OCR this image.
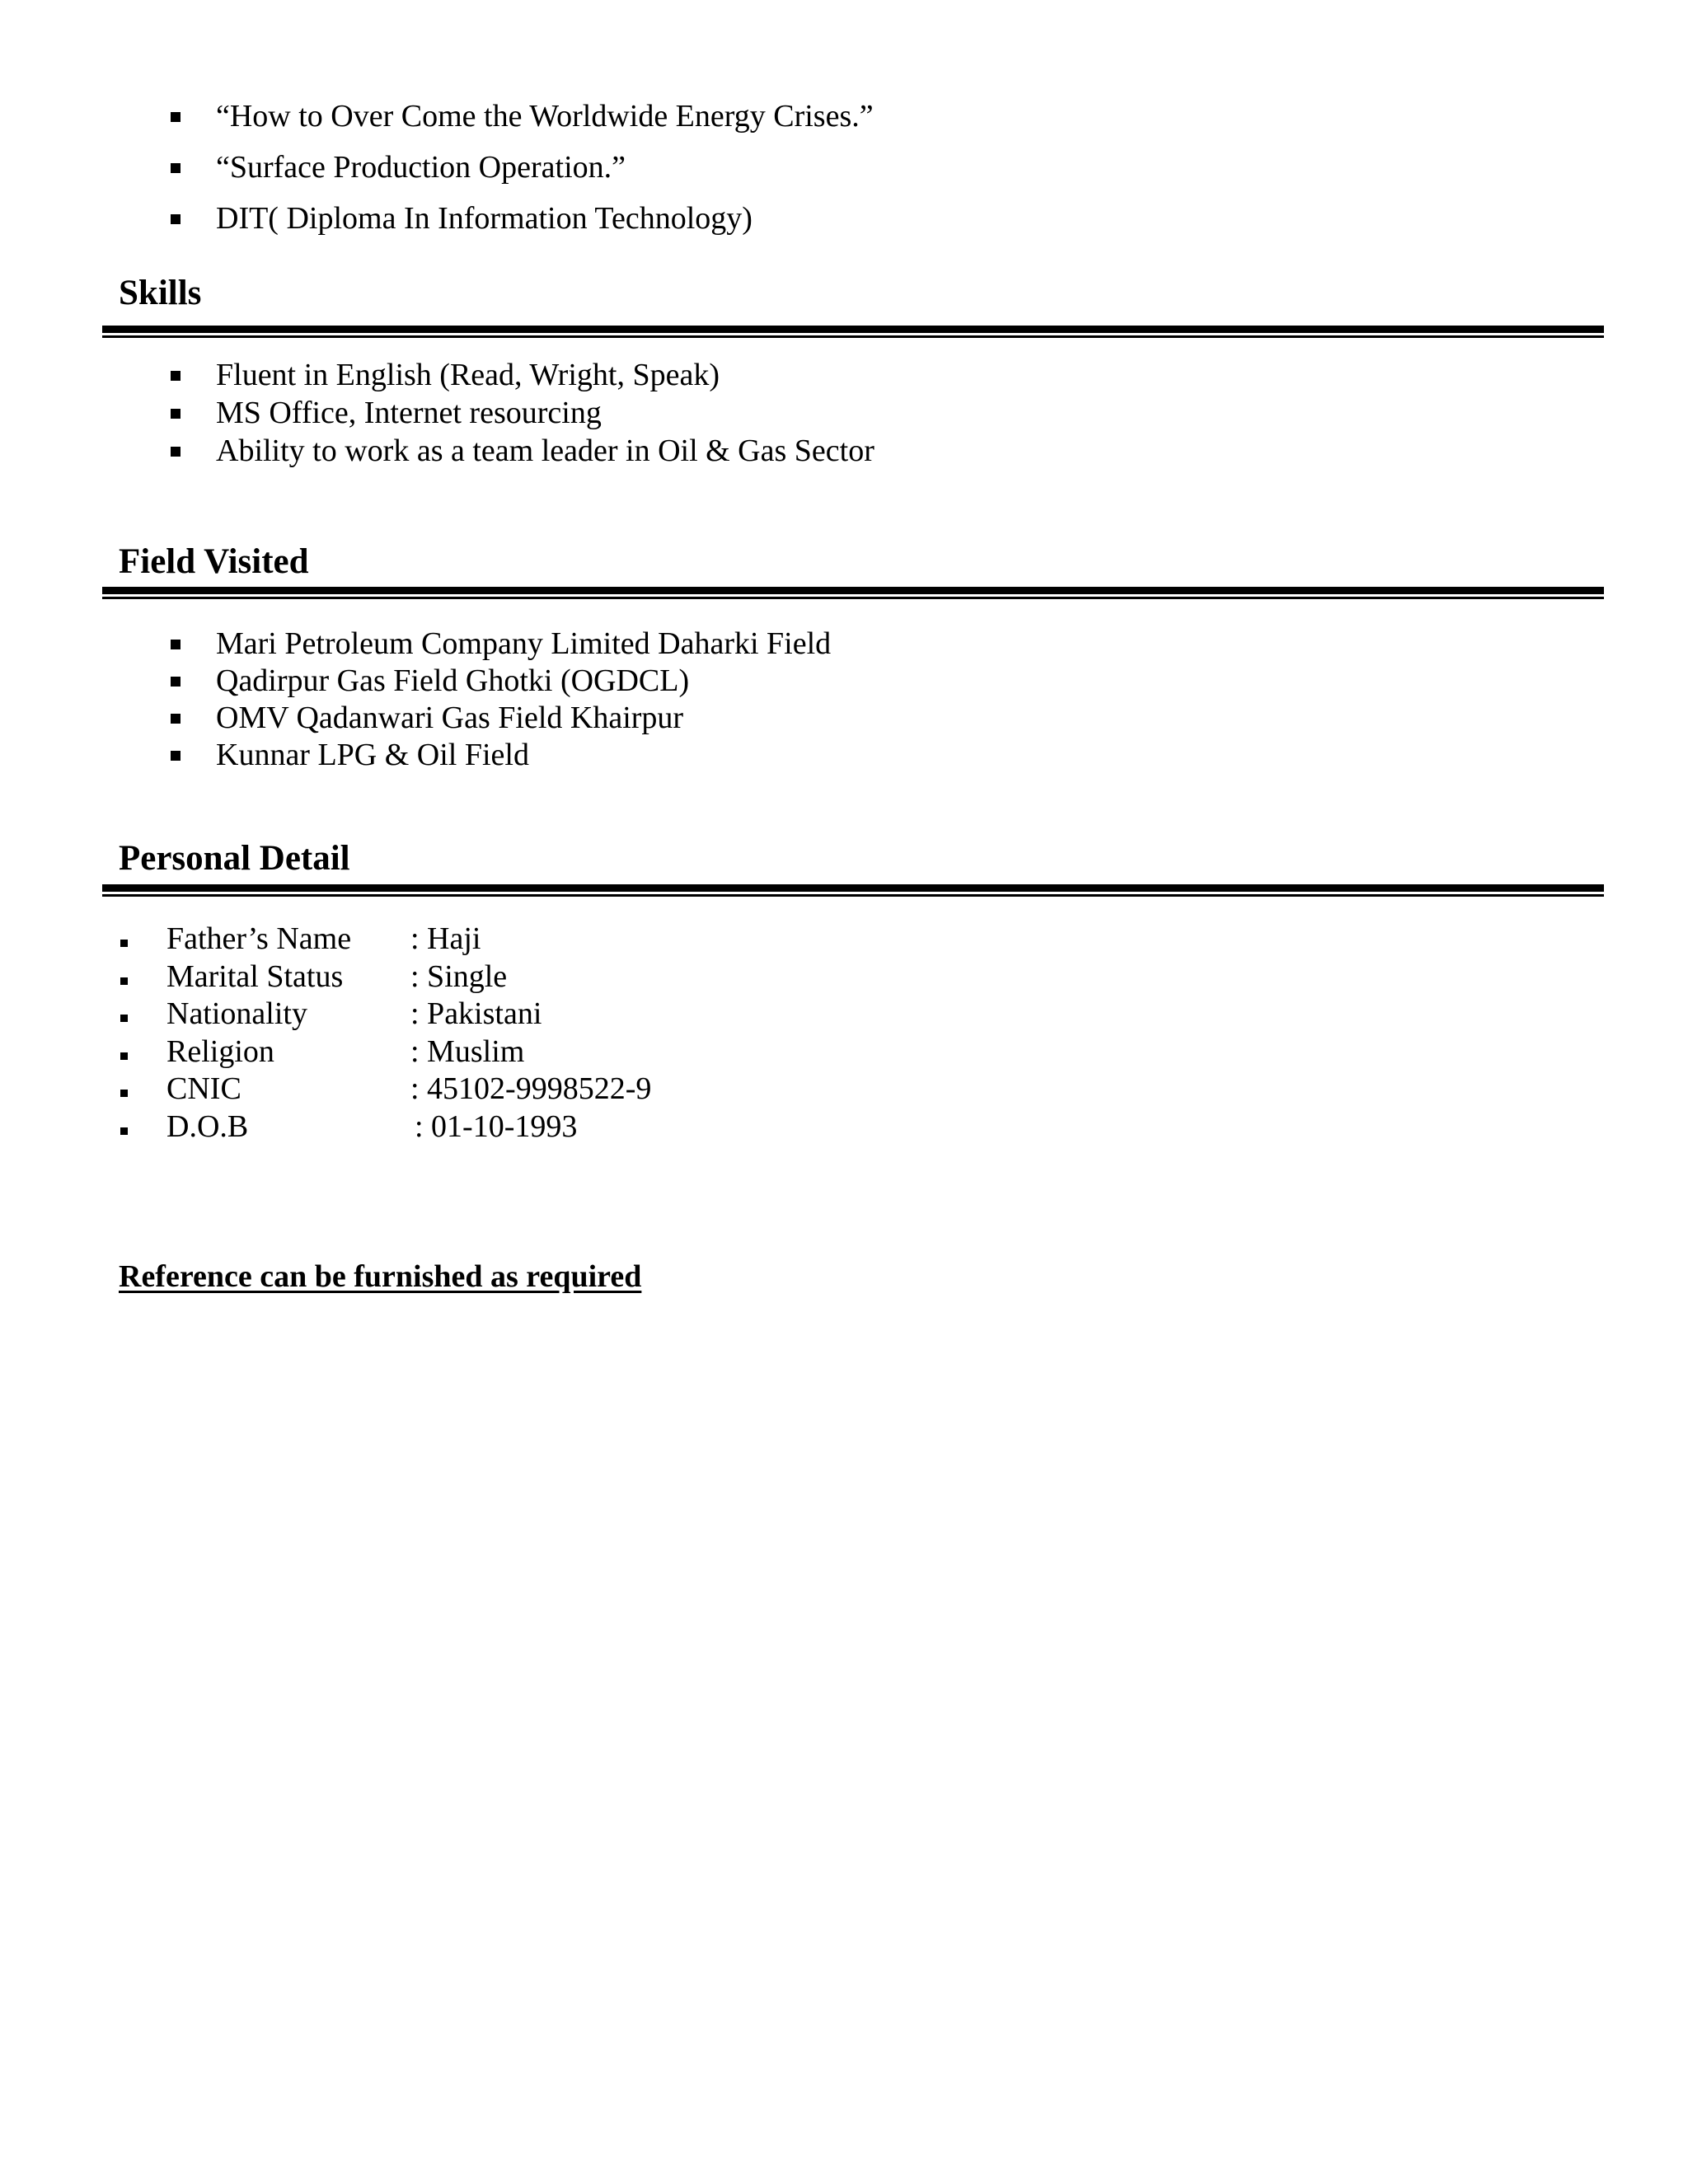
“How to Over Come the Worldwide Energy Crises.”
“Surface Production Operation.”
DIT( Diploma In Information Technology)
Skills
Fluent in English (Read, Wright, Speak)
MS Office, Internet resourcing
Ability to work as a team leader in Oil & Gas Sector
Field Visited
Mari Petroleum Company Limited Daharki Field
Qadirpur Gas Field Ghotki (OGDCL)
OMV Qadanwari Gas Field Khairpur
Kunnar LPG & Oil Field
Personal Detail
Father’s Name : Haji
Marital Status : Single
Nationality	: Pakistani
Religion	: Muslim
CNIC	: 45102-9998522-9
D.O.B	: 01-10-1993
Reference can be furnished as required
